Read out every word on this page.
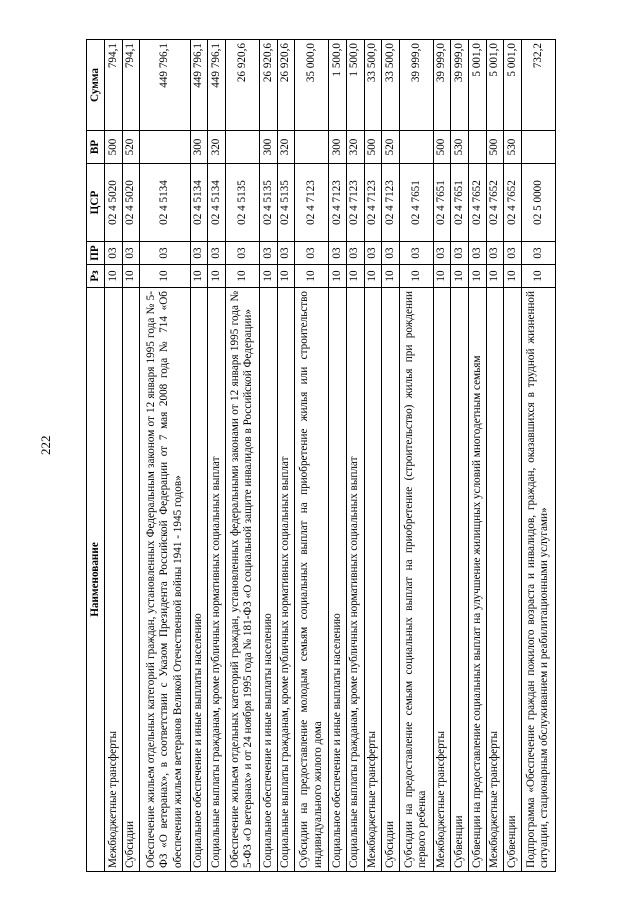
222
Наименование	Рз	ПР	ЦСР	ВР	Сумма
Межбюджетные трансферты	10	03	02 4 5020	500	794,1
Субсидии	10	03	02 4 5020	520	794,1
Обеспечение жильем отдельных категорий граждан, установленных Федеральным законом от 12 января 1995 года № 5-ФЗ «О ветеранах», в соответствии с Указом Президента Российской Федерации от 7 мая 2008 года № 714 «Об обеспечении жильем ветеранов Великой Отечественной войны 1941 - 1945 годов»	10	03	02 4 5134		449 796,1
Социальное обеспечение и иные выплаты населению	10	03	02 4 5134	300	449 796,1
Социальные выплаты гражданам, кроме публичных нормативных социальных выплат	10	03	02 4 5134	320	449 796,1
Обеспечение жильем отдельных категорий граждан, установленных федеральными законами от 12 января 1995 года № 5-ФЗ «О ветеранах» и от 24 ноября 1995 года № 181-ФЗ «О социальной защите инвалидов в Российской Федерации»	10	03	02 4 5135		26 920,6
Социальное обеспечение и иные выплаты населению	10	03	02 4 5135	300	26 920,6
Социальные выплаты гражданам, кроме публичных нормативных социальных выплат	10	03	02 4 5135	320	26 920,6
Субсидии на предоставление молодым семьям социальных выплат на приобретение жилья или строительство индивидуального жилого дома	10	03	02 4 7123		35 000,0
Социальное обеспечение и иные выплаты населению	10	03	02 4 7123	300	1 500,0
Социальные выплаты гражданам, кроме публичных нормативных социальных выплат	10	03	02 4 7123	320	1 500,0
Межбюджетные трансферты	10	03	02 4 7123	500	33 500,0
Субсидии	10	03	02 4 7123	520	33 500,0
Субсидии на предоставление семьям социальных выплат на приобретение (строительство) жилья при рождении первого ребенка	10	03	02 4 7651		39 999,0
Межбюджетные трансферты	10	03	02 4 7651	500	39 999,0
Субвенции	10	03	02 4 7651	530	39 999,0
Субвенции на предоставление социальных выплат на улучшение жилищных условий многодетным семьям	10	03	02 4 7652		5 001,0
Межбюджетные трансферты	10	03	02 4 7652	500	5 001,0
Субвенции	10	03	02 4 7652	530	5 001,0
Подпрограмма «Обеспечение граждан пожилого возраста и инвалидов, граждан, оказавшихся в трудной жизненной ситуации, стационарным обслуживанием и реабилитационными услугами»	10	03	02 5 0000		732,2
